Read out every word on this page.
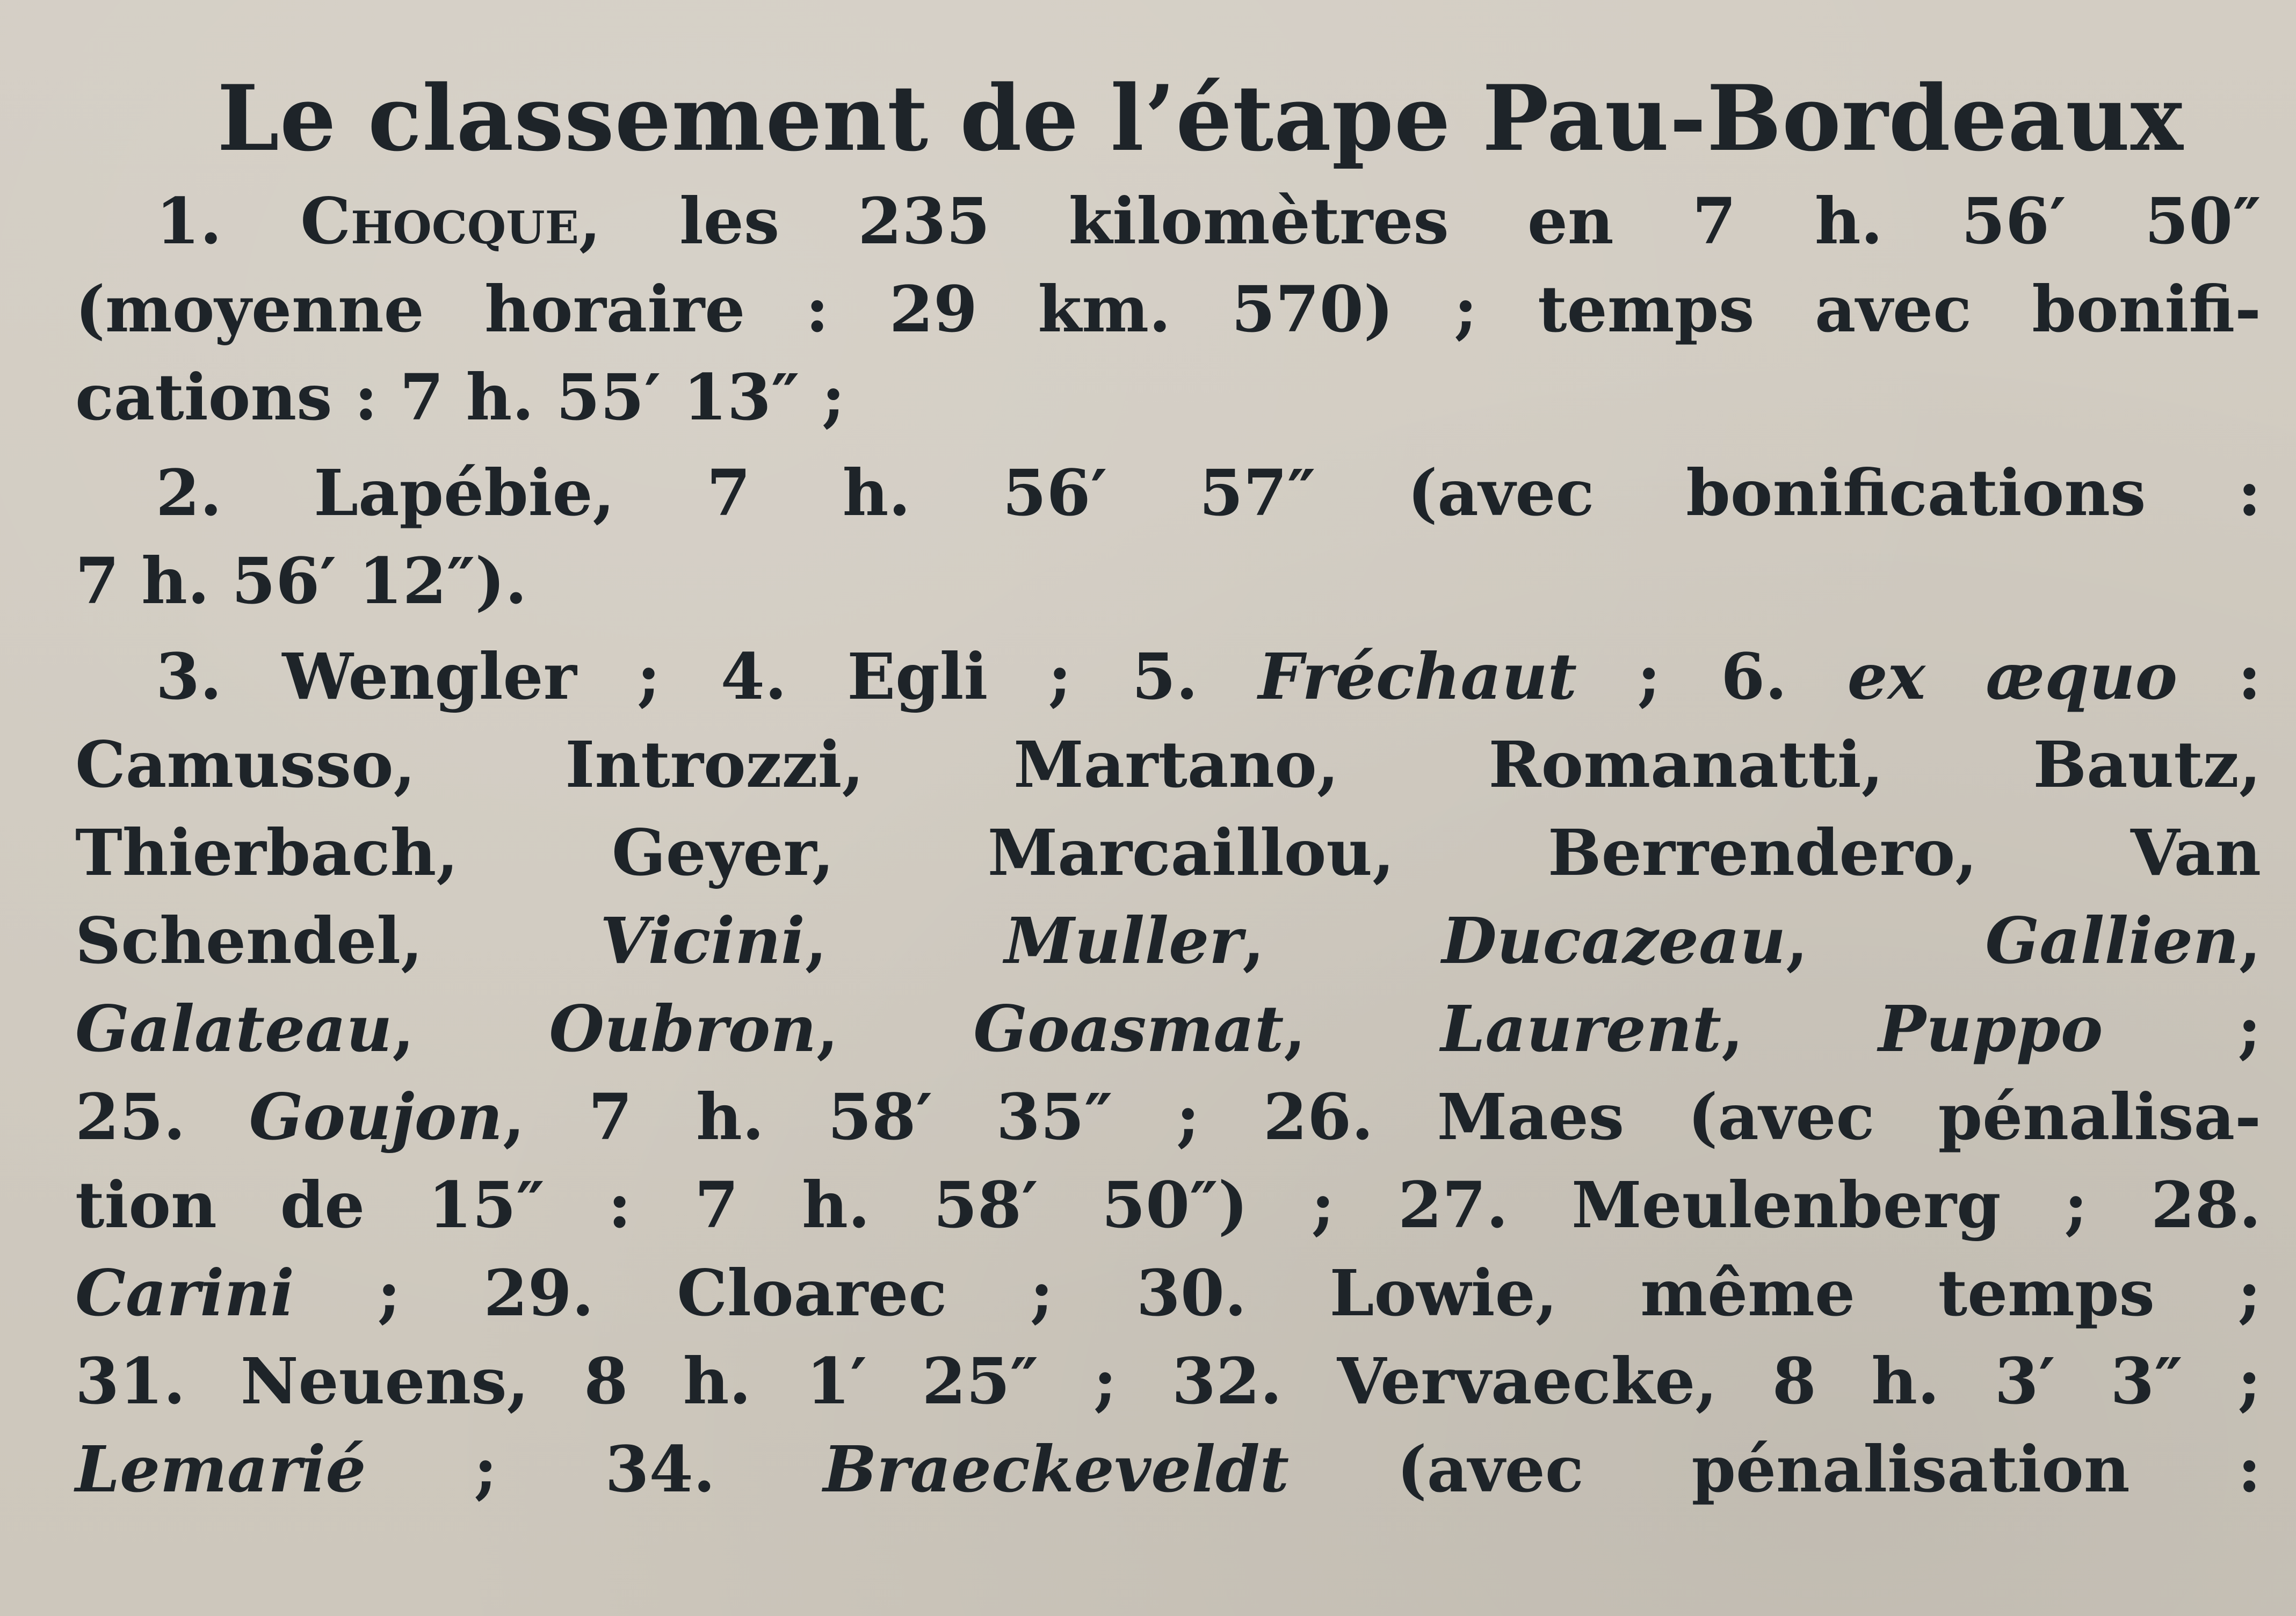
Le classement de l’étape Pau-Bordeaux
1. Chocque, les 235 kilomètres en 7 h. 56′ 50″
(moyenne horaire : 29 km. 570) ; temps avec bonifi-
cations : 7 h. 55′ 13″ ;
2. Lapébie, 7 h. 56′ 57″ (avec bonifications :
7 h. 56′ 12″).
3. Wengler ; 4. Egli ; 5. Fréchaut ; 6. ex æquo :
Camusso, Introzzi, Martano, Romanatti, Bautz,
Thierbach, Geyer, Marcaillou, Berrendero, Van
Schendel, Vicini, Muller, Ducazeau, Gallien,
Galateau, Oubron, Goasmat, Laurent, Puppo ;
25. Goujon, 7 h. 58′ 35″ ; 26. Maes (avec pénalisa-
tion de 15″ : 7 h. 58′ 50″) ; 27. Meulenberg ; 28.
Carini ; 29. Cloarec ; 30. Lowie, même temps ;
31. Neuens, 8 h. 1′ 25″ ; 32. Vervaecke, 8 h. 3′ 3″ ;
Lemarié ; 34. Braeckeveldt (avec pénalisation :
